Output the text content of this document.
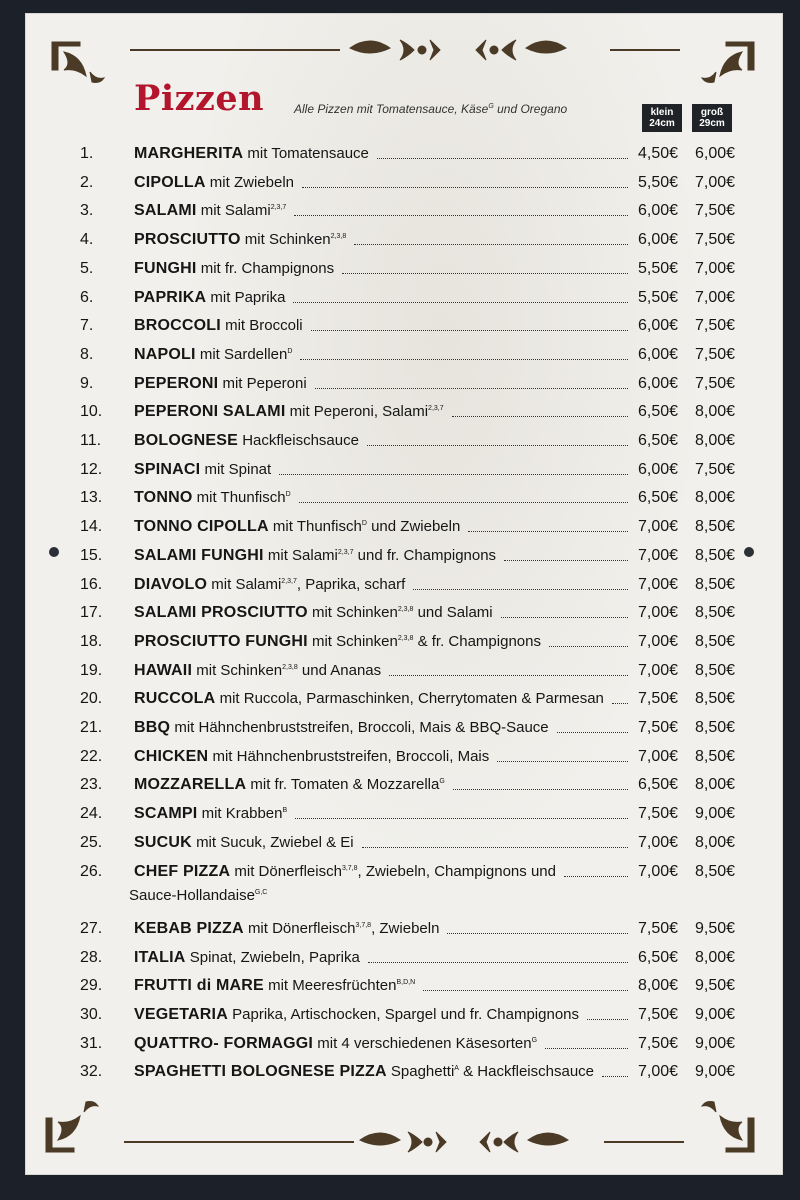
Pizzen Alle Pizzen mit Tomatensauce, Käse$^G$ und Oregano	klein
24cm
groß
29cm
1.	MARGHERITA mit Tomatensauce	4,50€ 6,00€
2.	CIPOLLA mit Zwiebeln	5,50€ 7,00€
3.	SALAMI mit Salami$^{2,3,7}$	6,00€ 7,50€
4.	PROSCIUTTO mit Schinken$^{2,3,8}$	6,00€ 7,50€
5.	FUNGHI mit fr. Champignons	5,50€ 7,00€
6.	PAPRIKA mit Paprika	5,50€ 7,00€
7.	BROCCOLI mit Broccoli	6,00€ 7,50€
8.	NAPOLI mit Sardellen$^D$	6,00€ 7,50€
9.	PEPERONI mit Peperoni	6,00€ 7,50€
10. PEPERONI SALAMI mit Peperoni, Salami$^{2,3,7}$	6,50€ 8,00€
11. BOLOGNESE Hackfleischsauce	6,50€ 8,00€
12. SPINACI mit Spinat	6,00€ 7,50€
13. TONNO mit Thunfisch$^D$	6,50€ 8,00€
14. TONNO CIPOLLA mit Thunfisch$^D$ und Zwiebeln	7,00€ 8,50€
15. SALAMI FUNGHI mit Salami$^{2,3,7}$ und fr. Champignons	7,00€ 8,50€
16. DIAVOLO mit Salami$^{2,3,7}$, Paprika, scharf	7,00€ 8,50€
17. SALAMI PROSCIUTTO mit Schinken$^{2,3,8}$ und Salami	7,00€ 8,50€
18. PROSCIUTTO FUNGHI mit Schinken$^{2,3,8}$ & fr. Champignons	7,00€ 8,50€
19. HAWAII mit Schinken$^{2,3,8}$ und Ananas	7,00€ 8,50€
20. RUCCOLA mit Ruccola, Parmaschinken, Cherrytomaten & Parmesan 7,50€ 8,50€
21. BBQ mit Hähnchenbruststreifen, Broccoli, Mais & BBQ-Sauce	7,50€ 8,50€
22. CHICKEN mit Hähnchenbruststreifen, Broccoli, Mais	7,00€ 8,50€
23. MOZZARELLA mit fr. Tomaten & Mozzarella$^G$	6,50€ 8,00€
24. SCAMPI mit Krabben$^B$	7,50€ 9,00€
25. SUCUK mit Sucuk, Zwiebel & Ei	7,00€ 8,00€
26. CHEF PIZZA mit Dönerfleisch$^{3,7,8}$, Zwiebeln, Champignons und	7,00€ 8,50€
Sauce-Hollandaise$^{G,C}$
27. KEBAB PIZZA mit Dönerfleisch$^{3,7,8}$, Zwiebeln	7,50€ 9,50€
28. ITALIA Spinat, Zwiebeln, Paprika	6,50€ 8,00€
29. FRUTTI di MARE mit Meeresfrüchten$^{B,D,N}$	8,00€ 9,50€
30. VEGETARIA Paprika, Artischocken, Spargel und fr. Champignons	7,50€ 9,00€
31. QUATTRO- FORMAGGI mit 4 verschiedenen Käsesorten$^G$	7,50€ 9,00€
32. SPAGHETTI BOLOGNESE PIZZA Spaghetti$^A$ & Hackfleischsauce	7,00€ 9,00€
